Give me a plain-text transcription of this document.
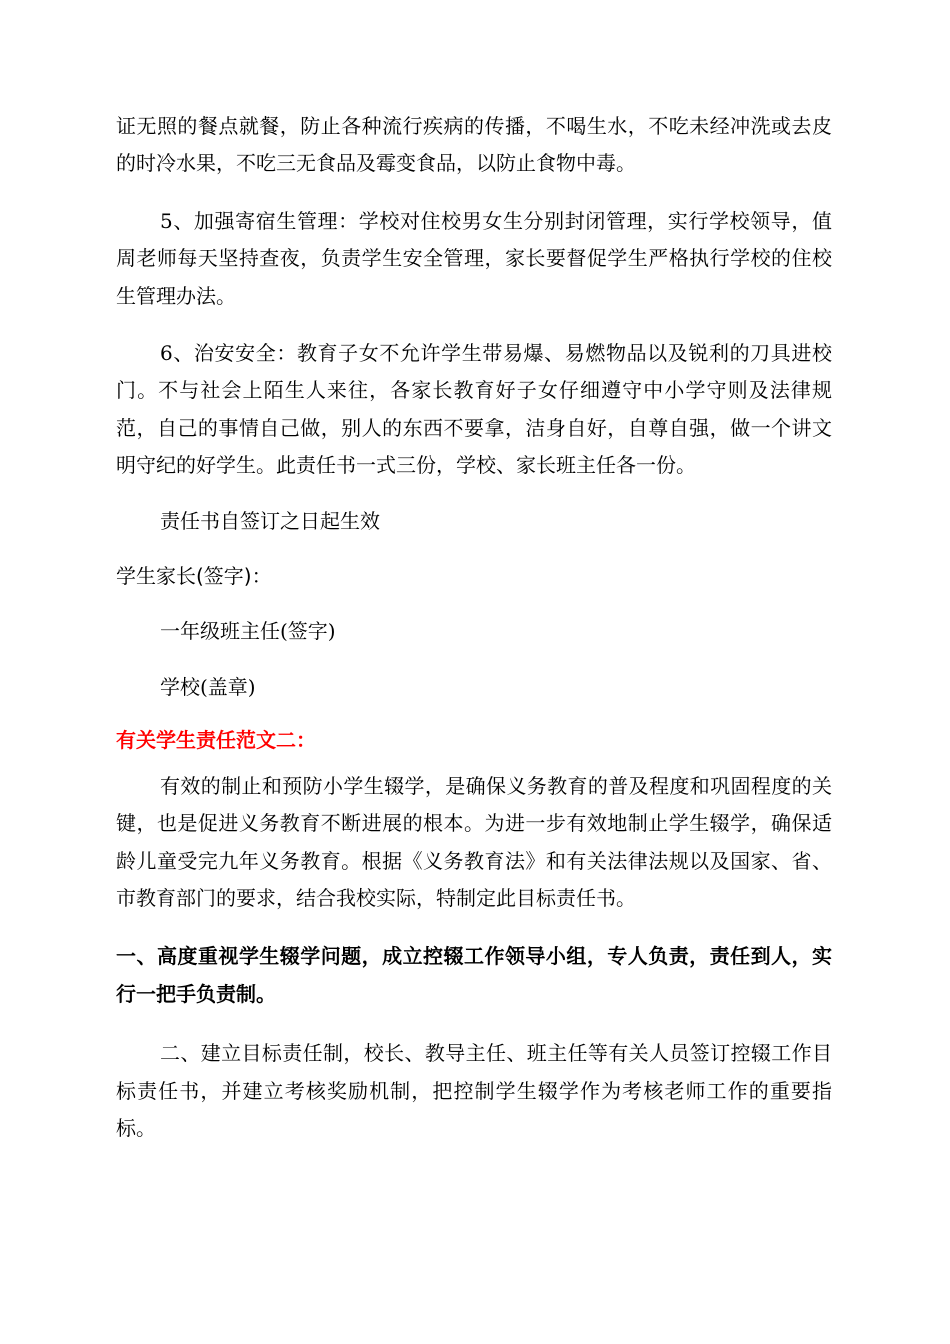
证无照的餐点就餐，防止各种流行疾病的传播，不喝生水，不吃未经冲洗或去皮的时冷水果，不吃三无食品及霉变食品，以防止食物中毒。

5、加强寄宿生管理：学校对住校男女生分别封闭管理，实行学校领导，值周老师每天坚持查夜，负责学生安全管理，家长要督促学生严格执行学校的住校生管理办法。

6、治安安全：教育子女不允许学生带易爆、易燃物品以及锐利的刀具进校门。不与社会上陌生人来往，各家长教育好子女仔细遵守中小学守则及法律规范，自己的事情自己做，别人的东西不要拿，洁身自好，自尊自强，做一个讲文明守纪的好学生。此责任书一式三份，学校、家长班主任各一份。

责任书自签订之日起生效

学生家长(签字)：

一年级班主任(签字)

学校(盖章)

有关学生责任范文二：

有效的制止和预防小学生辍学，是确保义务教育的普及程度和巩固程度的关键，也是促进义务教育不断进展的根本。为进一步有效地制止学生辍学，确保适龄儿童受完九年义务教育。根据《义务教育法》和有关法律法规以及国家、省、市教育部门的要求，结合我校实际，特制定此目标责任书。

一、高度重视学生辍学问题，成立控辍工作领导小组，专人负责，责任到人，实行一把手负责制。

二、建立目标责任制，校长、教导主任、班主任等有关人员签订控辍工作目标责任书，并建立考核奖励机制，把控制学生辍学作为考核老师工作的重要指标。
